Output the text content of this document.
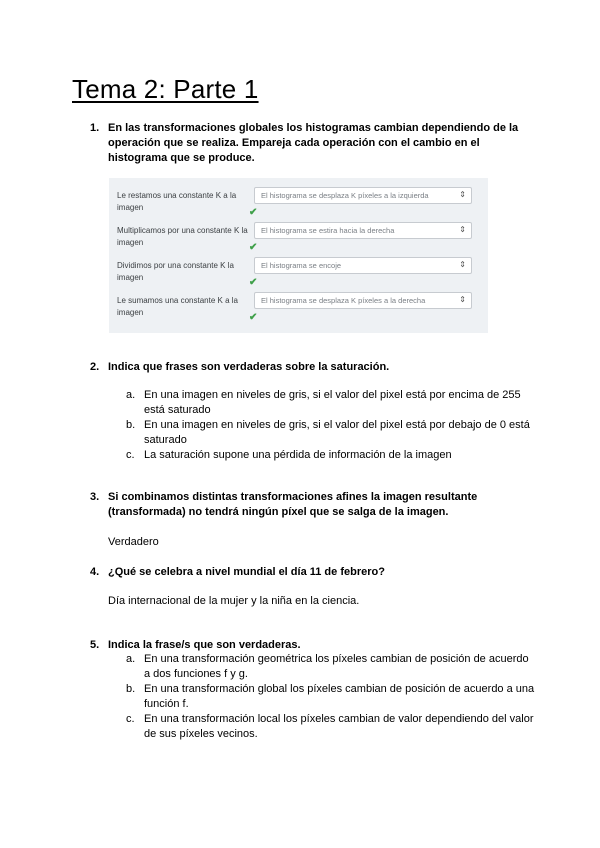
Tema 2: Parte 1
1. En las transformaciones globales los histogramas cambian dependiendo de la operación que se realiza. Empareja cada operación con el cambio en el histograma que se produce.
Le restamos una constante K a la imagen
El histograma se desplaza K píxeles a la izquierda	⇕
✔
Multiplicamos por una constante K la imagen
El histograma se estira hacia la derecha	⇕
✔
Dividimos por una constante K la imagen
El histograma se encoje	⇕
✔
Le sumamos una constante K a la imagen
El histograma se desplaza K píxeles a la derecha	⇕
✔
2. Indica que frases son verdaderas sobre la saturación.
a. En una imagen en niveles de gris, si el valor del pixel está por encima de 255 está saturado
b. En una imagen en niveles de gris, si el valor del pixel está por debajo de 0 está saturado
c. La saturación supone una pérdida de información de la imagen
3. Si combinamos distintas transformaciones afines la imagen resultante (transformada) no tendrá ningún píxel que se salga de la imagen.
Verdadero
4. ¿Qué se celebra a nivel mundial el día 11 de febrero?
Día internacional de la mujer y la niña en la ciencia.
5. Indica la frase/s que son verdaderas.
a. En una transformación geométrica los píxeles cambian de posición de acuerdo a dos funciones f y g.
b. En una transformación global los píxeles cambian de posición de acuerdo a una función f.
c. En una transformación local los píxeles cambian de valor dependiendo del valor de sus píxeles vecinos.
